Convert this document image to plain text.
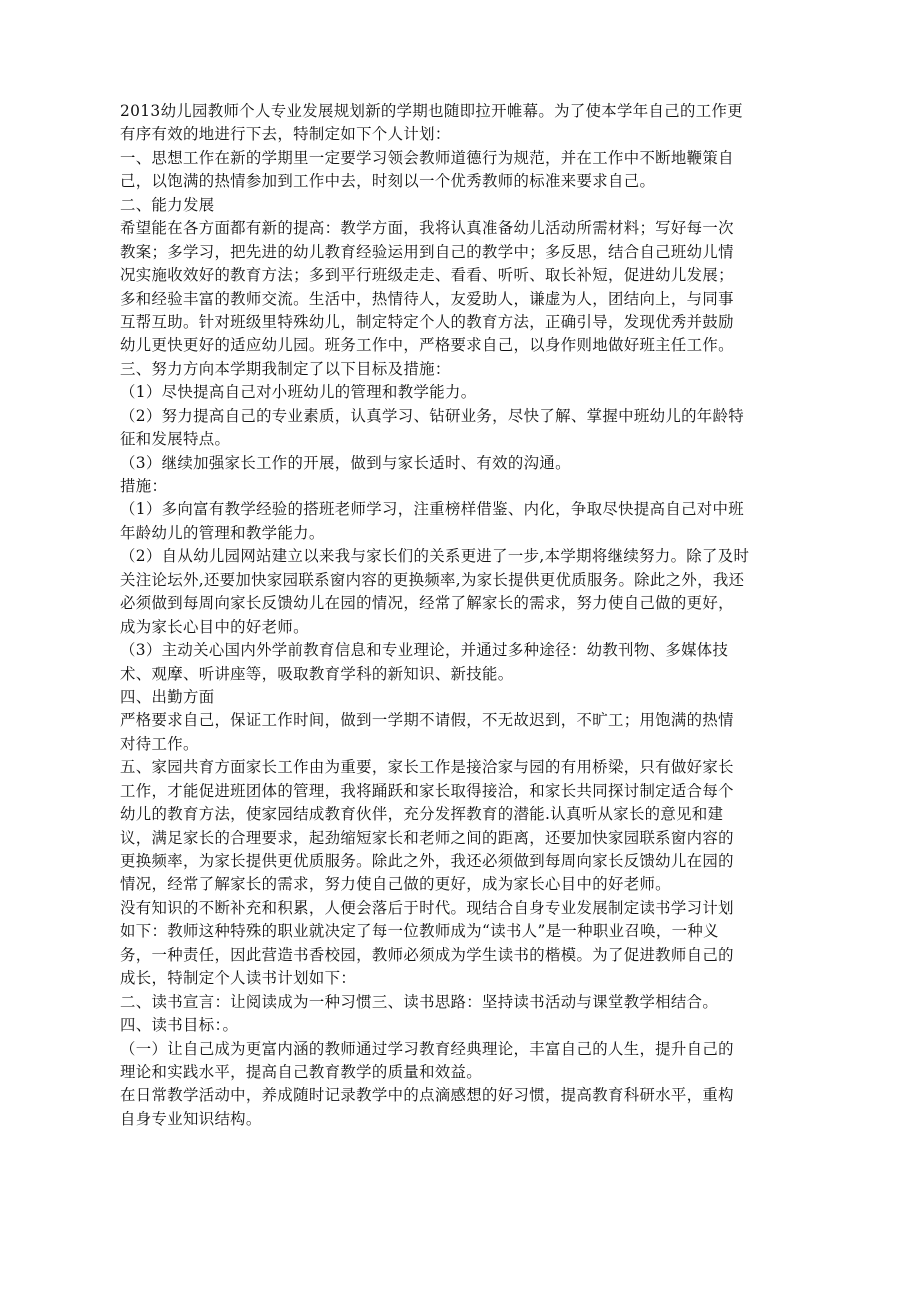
2013幼儿园教师个人专业发展规划新的学期也随即拉开帷幕。为了使本学年自己的工作更
有序有效的地进行下去，特制定如下个人计划：
一、思想工作在新的学期里一定要学习领会教师道德行为规范，并在工作中不断地鞭策自
己，以饱满的热情参加到工作中去，时刻以一个优秀教师的标准来要求自己。
二、能力发展
希望能在各方面都有新的提高：教学方面，我将认真准备幼儿活动所需材料；写好每一次
教案；多学习，把先进的幼儿教育经验运用到自己的教学中；多反思，结合自己班幼儿情
况实施收效好的教育方法；多到平行班级走走、看看、听听、取长补短，促进幼儿发展；
多和经验丰富的教师交流。生活中，热情待人，友爱助人，谦虚为人，团结向上，与同事
互帮互助。针对班级里特殊幼儿，制定特定个人的教育方法，正确引导，发现优秀并鼓励
幼儿更快更好的适应幼儿园。班务工作中，严格要求自己，以身作则地做好班主任工作。
三、努力方向本学期我制定了以下目标及措施：
（1）尽快提高自己对小班幼儿的管理和教学能力。
（2）努力提高自己的专业素质，认真学习、钻研业务，尽快了解、掌握中班幼儿的年龄特
征和发展特点。
（3）继续加强家长工作的开展，做到与家长适时、有效的沟通。
措施：
（1）多向富有教学经验的搭班老师学习，注重榜样借鉴、内化，争取尽快提高自己对中班
年龄幼儿的管理和教学能力。
（2）自从幼儿园网站建立以来我与家长们的关系更进了一步,本学期将继续努力。除了及时
关注论坛外,还要加快家园联系窗内容的更换频率,为家长提供更优质服务。除此之外，我还
必须做到每周向家长反馈幼儿在园的情况，经常了解家长的需求，努力使自己做的更好，
成为家长心目中的好老师。
（3）主动关心国内外学前教育信息和专业理论，并通过多种途径：幼教刊物、多媒体技
术、观摩、听讲座等，吸取教育学科的新知识、新技能。
四、出勤方面
严格要求自己，保证工作时间，做到一学期不请假，不无故迟到，不旷工；用饱满的热情
对待工作。
五、家园共育方面家长工作由为重要，家长工作是接洽家与园的有用桥梁，只有做好家长
工作，才能促进班团体的管理，我将踊跃和家长取得接洽，和家长共同探讨制定适合每个
幼儿的教育方法，使家园结成教育伙伴，充分发挥教育的潜能.认真听从家长的意见和建
议，满足家长的合理要求，起劲缩短家长和老师之间的距离，还要加快家园联系窗内容的
更换频率，为家长提供更优质服务。除此之外，我还必须做到每周向家长反馈幼儿在园的
情况，经常了解家长的需求，努力使自己做的更好，成为家长心目中的好老师。
没有知识的不断补充和积累，人便会落后于时代。现结合自身专业发展制定读书学习计划
如下：教师这种特殊的职业就决定了每一位教师成为“读书人”是一种职业召唤，一种义
务，一种责任，因此营造书香校园，教师必须成为学生读书的楷模。为了促进教师自己的
成长，特制定个人读书计划如下：
二、读书宣言：让阅读成为一种习惯三、读书思路：坚持读书活动与课堂教学相结合。
四、读书目标：。
（一）让自己成为更富内涵的教师通过学习教育经典理论，丰富自己的人生，提升自己的
理论和实践水平，提高自己教育教学的质量和效益。
在日常教学活动中，养成随时记录教学中的点滴感想的好习惯，提高教育科研水平，重构
自身专业知识结构。
